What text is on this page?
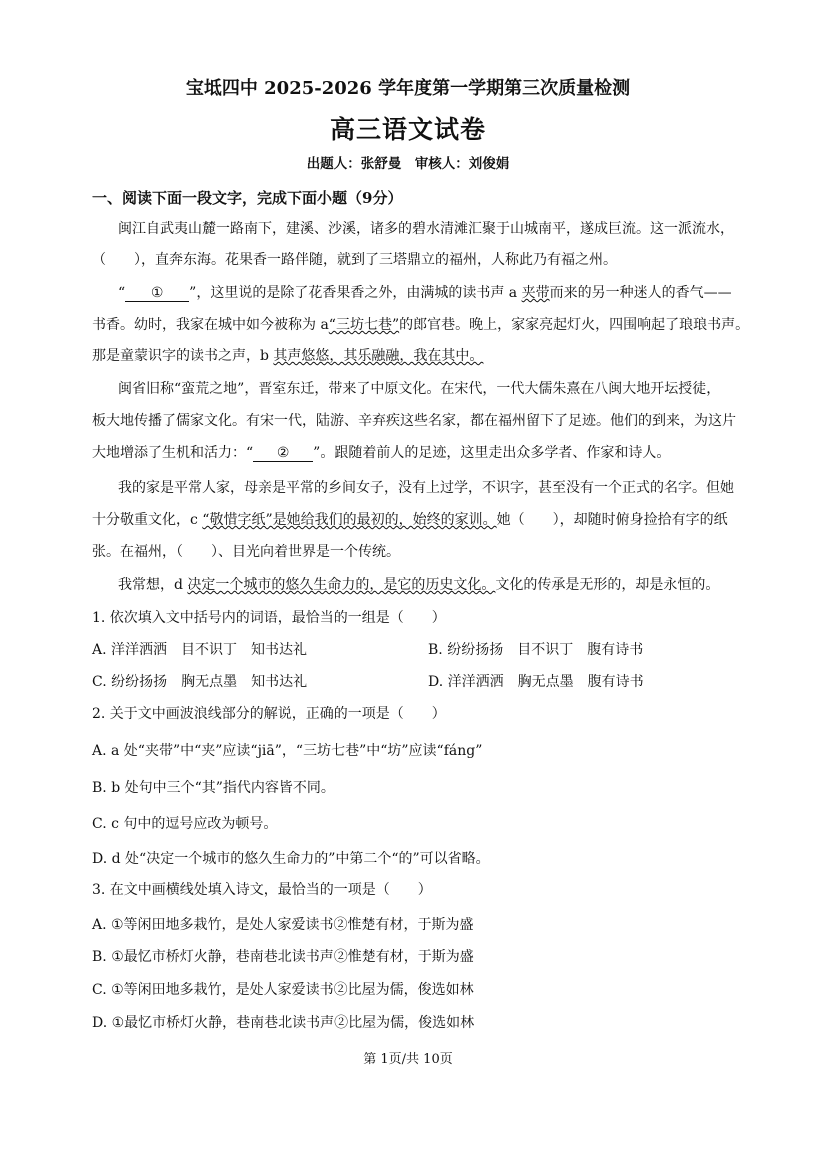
宝坻四中 2025-2026 学年度第一学期第三次质量检测
高三语文试卷
出题人：张舒曼　审核人：刘俊娟
一、阅读下面一段文字，完成下面小题（9分）
闽江自武夷山麓一路南下，建溪、沙溪，诸多的碧水清滩汇聚于山城南平，遂成巨流。这一派流水，
（　　），直奔东海。花果香一路伴随，就到了三塔鼎立的福州，人称此乃有福之州。
“ ① ”，这里说的是除了花香果香之外，由满城的读书声 a 夹带而来的另一种迷人的香气——
书香。幼时，我家在城中如今被称为 a“三坊七巷”的郎官巷。晚上，家家亮起灯火，四围响起了琅琅书声。
那是童蒙识字的读书之声，b 其声悠悠，其乐融融，我在其中。
闽省旧称“蛮荒之地”，晋室东迁，带来了中原文化。在宋代，一代大儒朱熹在八闽大地开坛授徒，
板大地传播了儒家文化。有宋一代，陆游、辛弃疾这些名家，都在福州留下了足迹。他们的到来，为这片
大地增添了生机和活力：“ ② ”。跟随着前人的足迹，这里走出众多学者、作家和诗人。
我的家是平常人家，母亲是平常的乡间女子，没有上过学，不识字，甚至没有一个正式的名字。但她
十分敬重文化，c “敬惜字纸”是她给我们的最初的，始终的家训。她（　　），却随时俯身捡拾有字的纸
张。在福州，（　　）、目光向着世界是一个传统。
我常想，d 决定一个城市的悠久生命力的，是它的历史文化。文化的传承是无形的，却是永恒的。
1. 依次填入文中括号内的词语，最恰当的一组是（　　）
A. 洋洋洒洒　目不识丁　知书达礼	B. 纷纷扬扬　目不识丁　腹有诗书
C. 纷纷扬扬　胸无点墨　知书达礼	D. 洋洋洒洒　胸无点墨　腹有诗书
2. 关于文中画波浪线部分的解说，正确的一项是（　　）
A. a 处“夹带”中“夹”应读“jiā”，“三坊七巷”中“坊”应读“fáng”
B. b 处句中三个“其”指代内容皆不同。
C. c 句中的逗号应改为顿号。
D. d 处“决定一个城市的悠久生命力的”中第二个“的”可以省略。
3. 在文中画横线处填入诗文，最恰当的一项是（　　）
A. ①等闲田地多栽竹，是处人家爱读书②惟楚有材，于斯为盛
B. ①最忆市桥灯火静，巷南巷北读书声②惟楚有材，于斯为盛
C. ①等闲田地多栽竹，是处人家爱读书②比屋为儒，俊选如林
D. ①最忆市桥灯火静，巷南巷北读书声②比屋为儒，俊选如林
第 1页/共 10页
